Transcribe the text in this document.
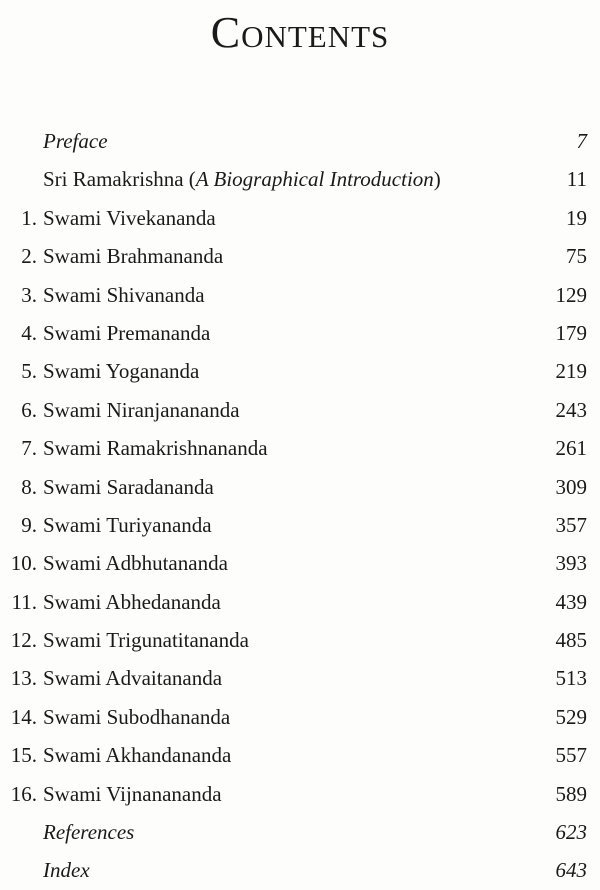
Contents
Preface	7
Sri Ramakrishna (A Biographical Introduction)	11
1. Swami Vivekananda	19
2. Swami Brahmananda	75
3. Swami Shivananda	129
4. Swami Premananda	179
5. Swami Yogananda	219
6. Swami Niranjanananda	243
7. Swami Ramakrishnananda	261
8. Swami Saradananda	309
9. Swami Turiyananda	357
10. Swami Adbhutananda	393
11. Swami Abhedananda	439
12. Swami Trigunatitananda	485
13. Swami Advaitananda	513
14. Swami Subodhananda	529
15. Swami Akhandananda	557
16. Swami Vijnanananda	589
References	623
Index	643
